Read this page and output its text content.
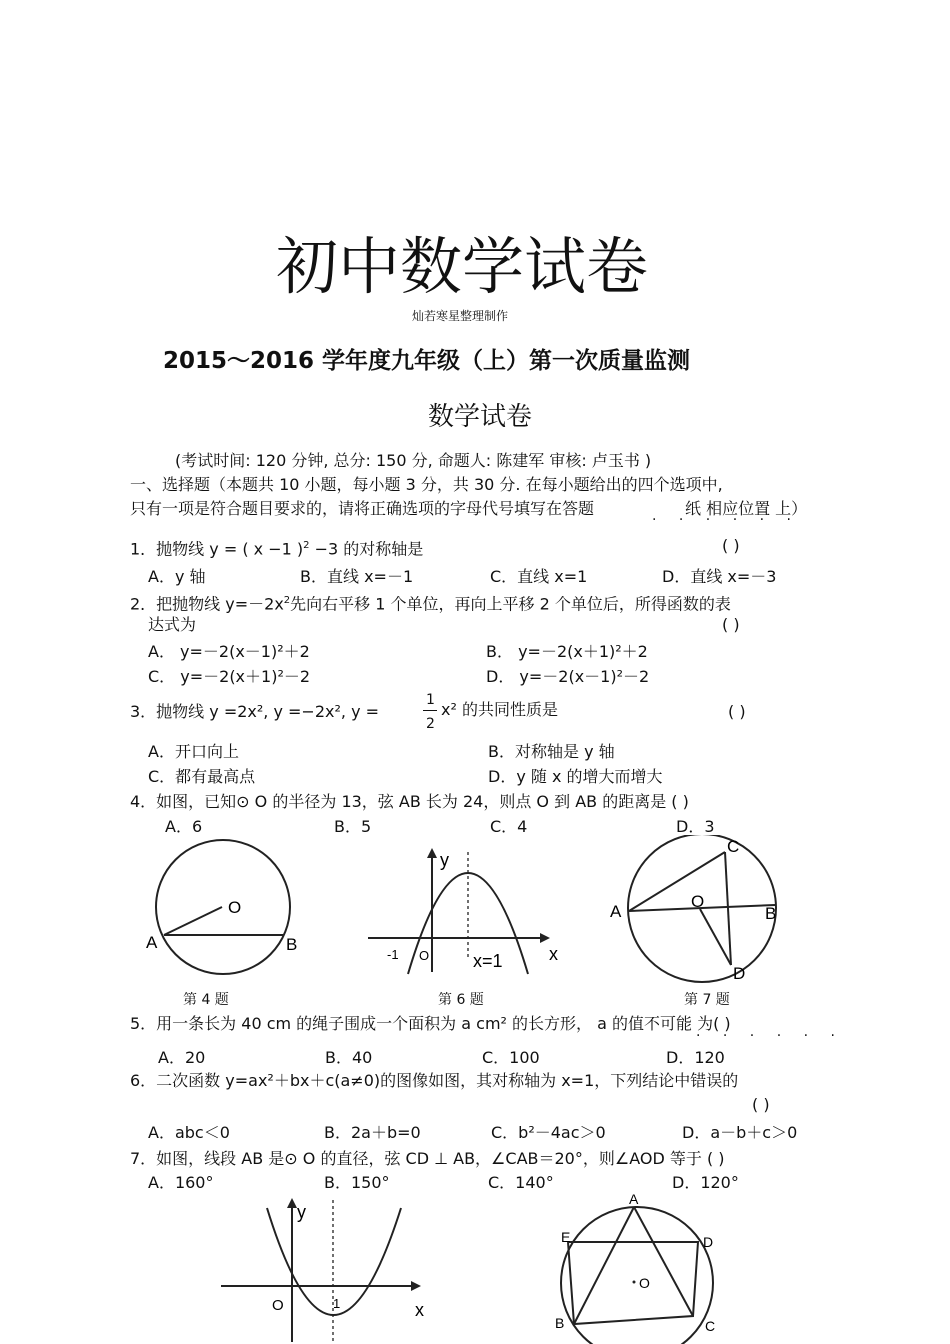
初中数学试卷
灿若寒星整理制作
2015～2016 学年度九年级（上）第一次质量监测
数学试卷
(考试时间: 120 分钟, 总分: 150 分, 命题人: 陈建军 审核: 卢玉书 )
一、选择题（本题共 10 小题，每小题 3 分，共 30 分. 在每小题给出的四个选项中,
只有一项是符合题目要求的，请将正确选项的字母代号填写在答题	纸 相应位置 上）
· · · · · ·
1．抛物线 y = ( x −1 )$^2$ −3 的对称轴是	( )
A．y 轴	B．直线 x=－1	C．直线 x=1	D．直线 x=－3
2．把抛物线 $y=-2x^2$先向右平移 1 个单位，再向上平移 2 个单位后，所得函数的表
达式为	( )
A． y=－2(x－1)²＋2	B． y=－2(x＋1)²＋2
C． y=－2(x＋1)²－2	D． y=－2(x－1)²－2
3．抛物线 y =2x², y =−2x², y =
1
2
x² 的共同性质是	( )
A．开口向上	B．对称轴是 y 轴
C．都有最高点	D．y 随 x 的增大而增大
4．如图，已知⊙ O 的半径为 13，弦 AB 长为 24，则点 O 到 AB 的距离是 ( )
A．6	B．5	C．4	D．3
O
A	B
第 4 题
y
x
-1 O x=1
第 6 题
C
O
A	B
D
第 7 题
5．用一条长为 40 cm 的绳子围成一个面积为 a cm² 的长方形， a 的值不可能 为( )
· · · · · ·
A．20	B．40	C．100	D．120
6．二次函数 y=ax²＋bx＋c(a≠0)的图像如图，其对称轴为 x=1，下列结论中错误的
( )
A．abc＜0	B．2a＋b=0	C．b²－4ac＞0	D．a－b＋c＞0
7．如图，线段 AB 是⊙ O 的直径，弦 CD ⊥ AB，∠CAB＝20°，则∠AOD 等于 ( )
A．160°	B．150°	C．140°	D．120°
y
O	1	x
A
E	D
O
B	C
